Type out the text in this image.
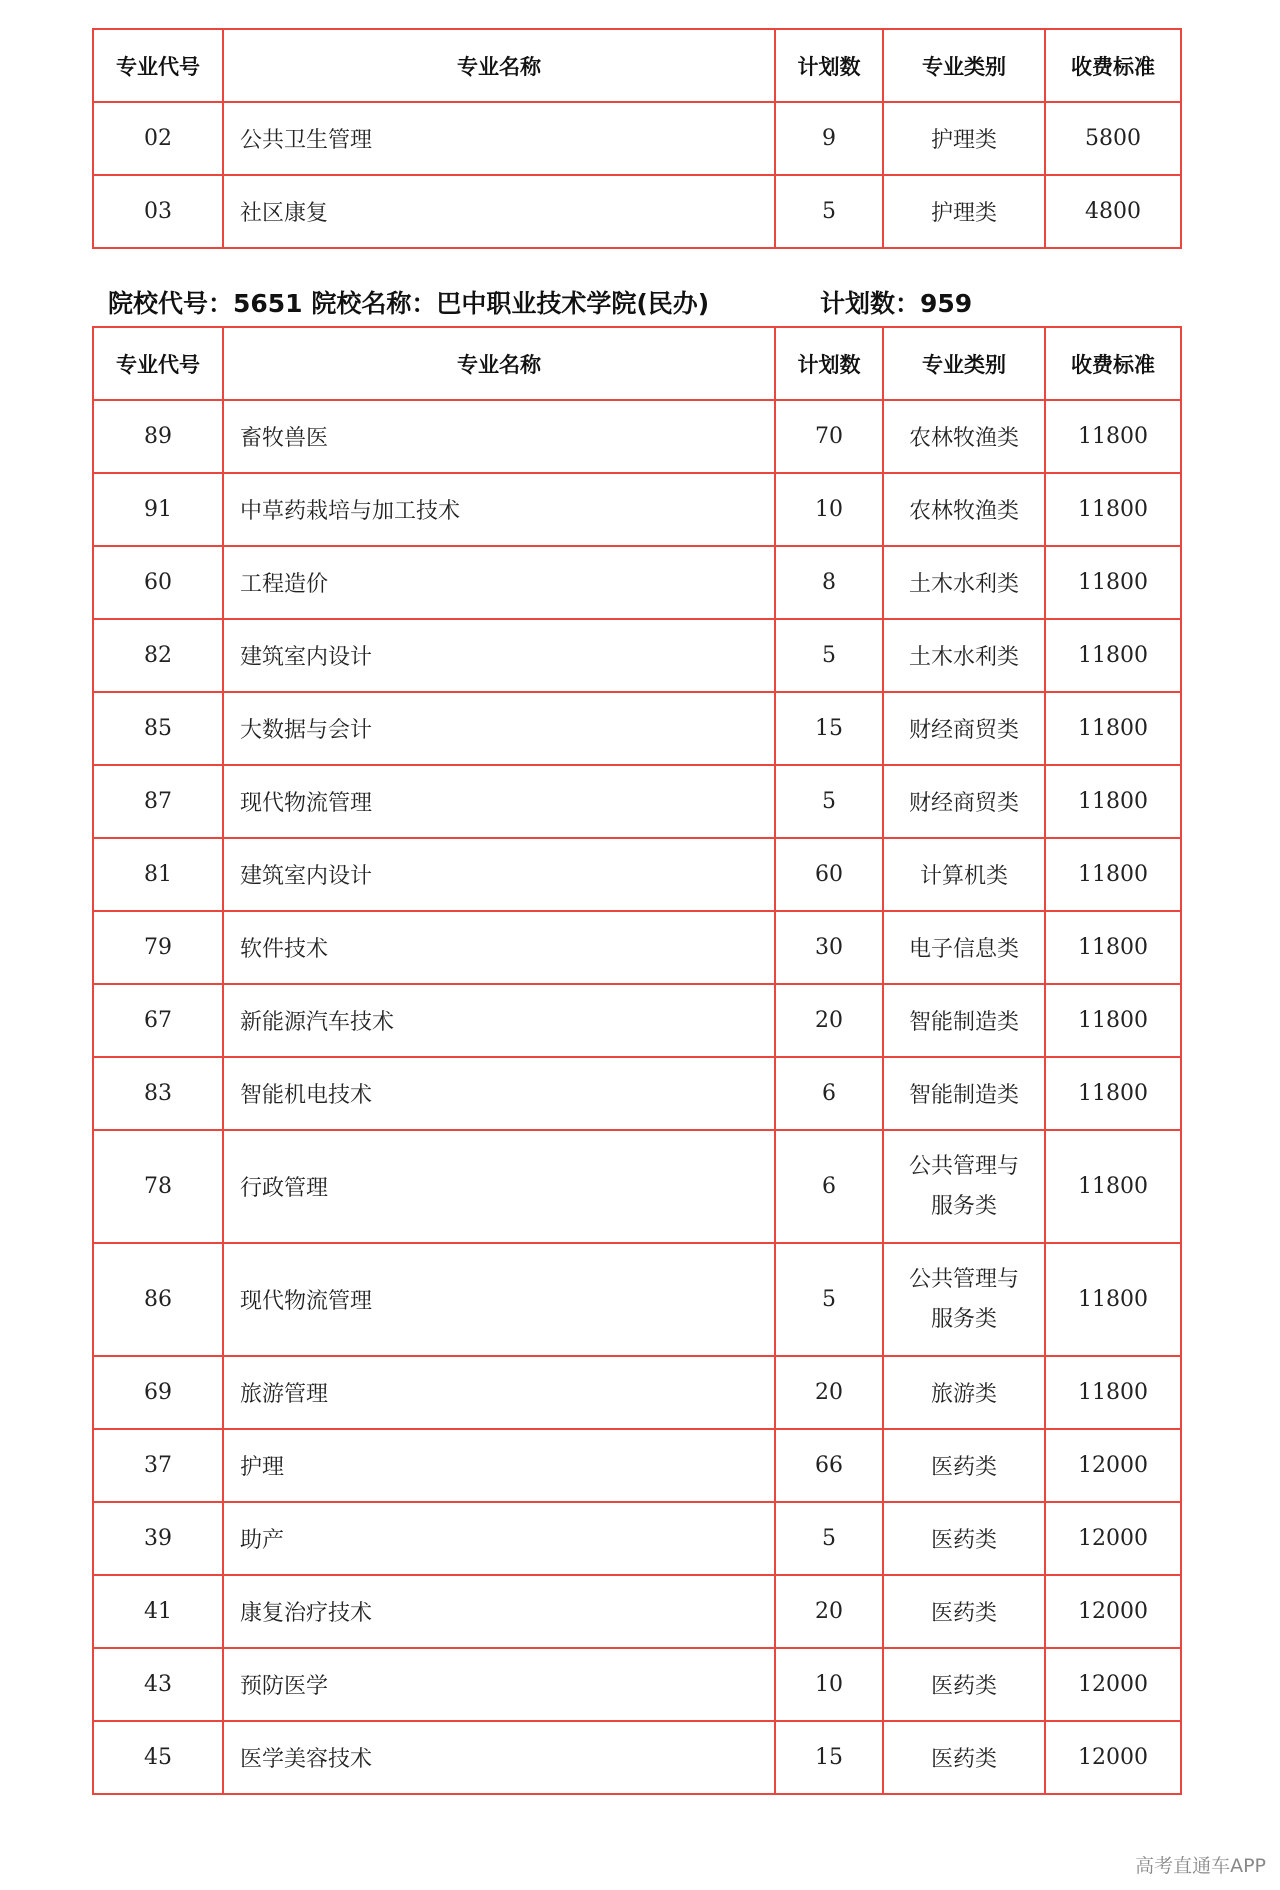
专业代号	专业名称	计划数	专业类别	收费标准
02	公共卫生管理	9	护理类	5800
03	社区康复	5	护理类	4800
院校代号：5651 院校名称：巴中职业技术学院(民办)	计划数：959
专业代号	专业名称	计划数	专业类别	收费标准
89	畜牧兽医	70	农林牧渔类	11800
91	中草药栽培与加工技术	10	农林牧渔类	11800
60	工程造价	8	土木水利类	11800
82	建筑室内设计	5	土木水利类	11800
85	大数据与会计	15	财经商贸类	11800
87	现代物流管理	5	财经商贸类	11800
81	建筑室内设计	60	计算机类	11800
79	软件技术	30	电子信息类	11800
67	新能源汽车技术	20	智能制造类	11800
83	智能机电技术	6	智能制造类	11800
78	行政管理	6	公共管理与服务类	11800
86	现代物流管理	5	公共管理与服务类	11800
69	旅游管理	20	旅游类	11800
37	护理	66	医药类	12000
39	助产	5	医药类	12000
41	康复治疗技术	20	医药类	12000
43	预防医学	10	医药类	12000
45	医学美容技术	15	医药类	12000
高考直通车APP
